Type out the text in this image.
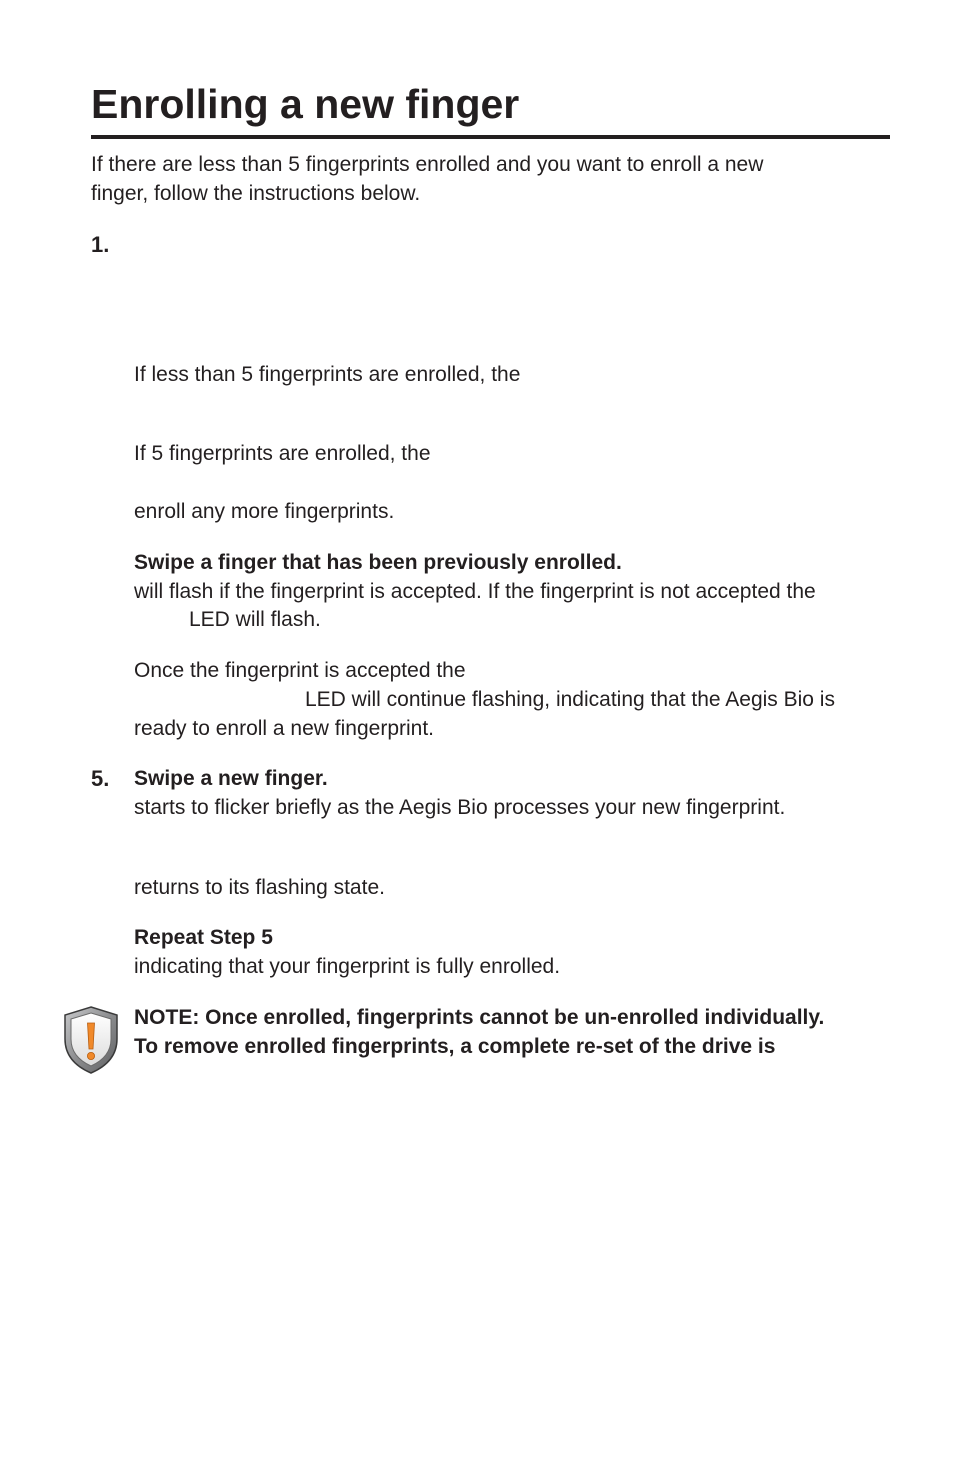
Enrolling a new finger
If there are less than 5 fingerprints enrolled and you want to enroll a new
finger, follow the instructions below.
1.
If less than 5 fingerprints are enrolled, the
If 5 fingerprints are enrolled, the
enroll any more fingerprints.
Swipe a finger that has been previously enrolled.
will flash if the fingerprint is accepted. If the fingerprint is not accepted the
LED will flash.
Once the fingerprint is accepted the
LED will continue flashing, indicating that the Aegis Bio is
ready to enroll a new fingerprint.
5. Swipe a new finger.
starts to flicker briefly as the Aegis Bio processes your new fingerprint.
returns to its flashing state.
Repeat Step 5
indicating that your fingerprint is fully enrolled.
NOTE: Once enrolled, fingerprints cannot be un-enrolled individually.
To remove enrolled fingerprints, a complete re-set of the drive is
